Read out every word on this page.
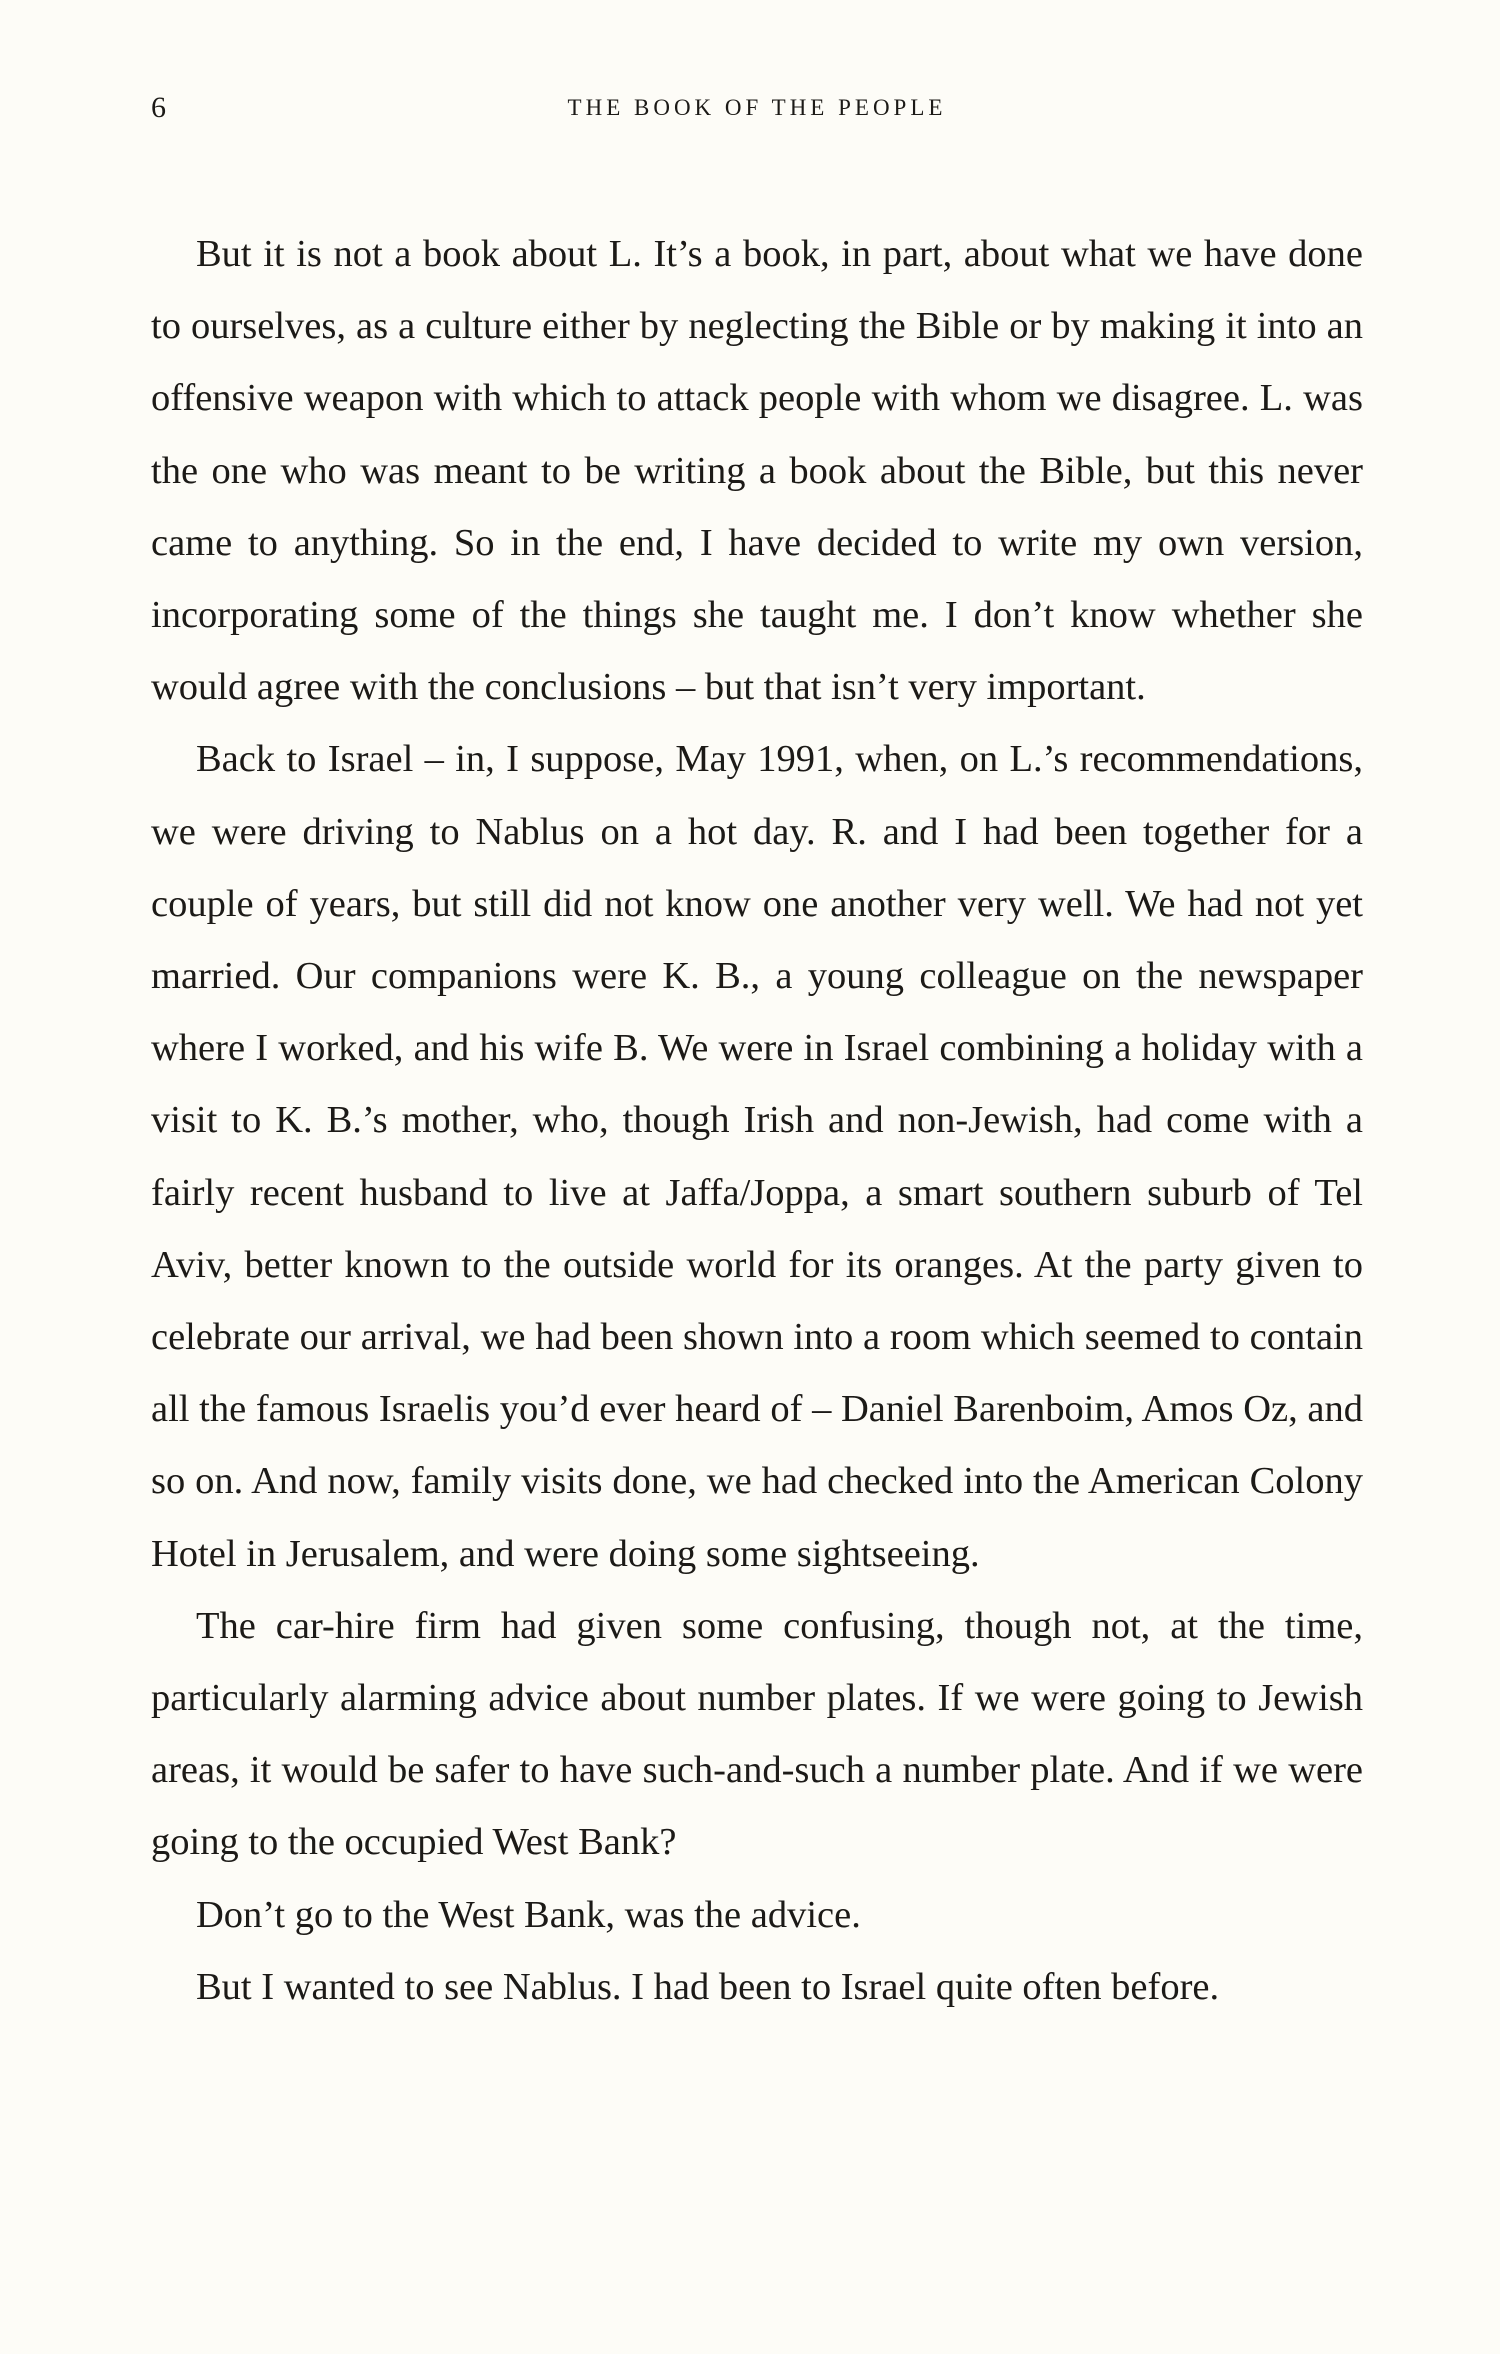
6	THE BOOK OF THE PEOPLE

But it is not a book about L. It’s a book, in part, about what we have done to ourselves, as a culture either by neglecting the Bible or by making it into an offensive weapon with which to attack people with whom we disagree. L. was the one who was meant to be writing a book about the Bible, but this never came to anything. So in the end, I have decided to write my own version, incorporating some of the things she taught me. I don’t know whether she would agree with the conclusions – but that isn’t very important.

Back to Israel – in, I suppose, May 1991, when, on L.’s recommendations, we were driving to Nablus on a hot day. R. and I had been together for a couple of years, but still did not know one another very well. We had not yet married. Our companions were K. B., a young colleague on the newspaper where I worked, and his wife B. We were in Israel combining a holiday with a visit to K. B.’s mother, who, though Irish and non-Jewish, had come with a fairly recent husband to live at Jaffa/Joppa, a smart southern suburb of Tel Aviv, better known to the outside world for its oranges. At the party given to celebrate our arrival, we had been shown into a room which seemed to contain all the famous Israelis you’d ever heard of – Daniel Barenboim, Amos Oz, and so on. And now, family visits done, we had checked into the American Colony Hotel in Jerusalem, and were doing some sightseeing.

The car-hire firm had given some confusing, though not, at the time, particularly alarming advice about number plates. If we were going to Jewish areas, it would be safer to have such-and-such a number plate. And if we were going to the occupied West Bank?

Don’t go to the West Bank, was the advice.

But I wanted to see Nablus. I had been to Israel quite often before.
